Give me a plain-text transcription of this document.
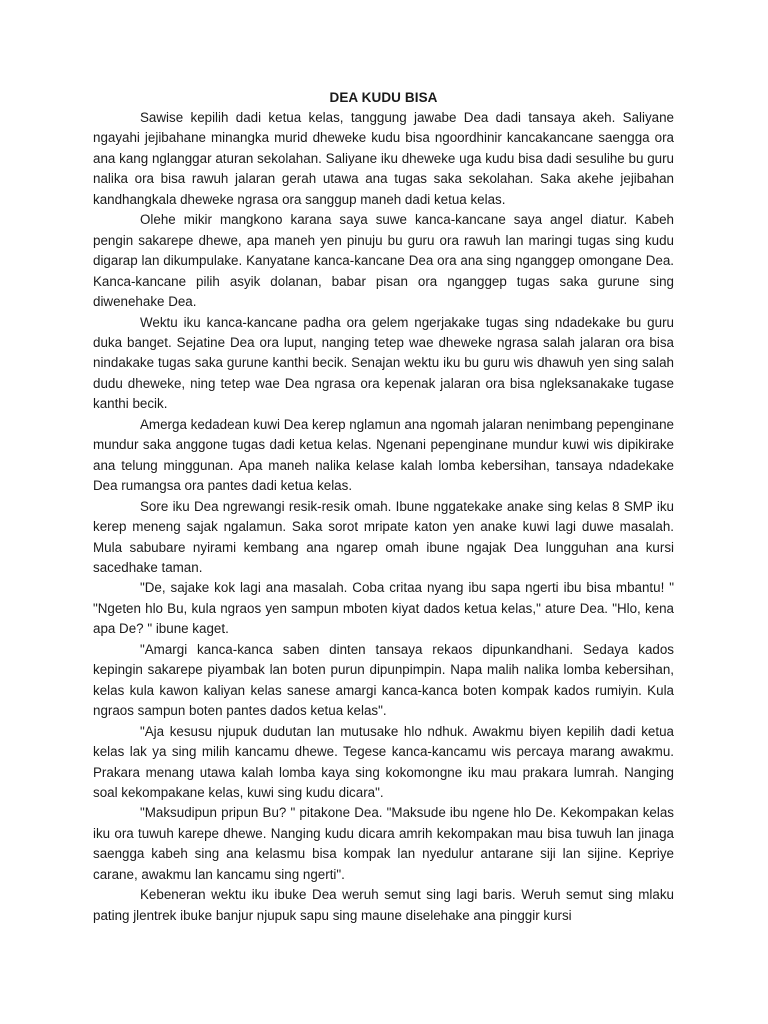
DEA KUDU BISA

Sawise kepilih dadi ketua kelas, tanggung jawabe Dea dadi tansaya akeh. Saliyane ngayahi jejibahane minangka murid dheweke kudu bisa ngoordhinir kancakancane saengga ora ana kang nglanggar aturan sekolahan. Saliyane iku dheweke uga kudu bisa dadi sesulihe bu guru nalika ora bisa rawuh jalaran gerah utawa ana tugas saka sekolahan. Saka akehe jejibahan kandhangkala dheweke ngrasa ora sanggup maneh dadi ketua kelas.

Olehe mikir mangkono karana saya suwe kanca-kancane saya angel diatur. Kabeh pengin sakarepe dhewe, apa maneh yen pinuju bu guru ora rawuh lan maringi tugas sing kudu digarap lan dikumpulake. Kanyatane kanca-kancane Dea ora ana sing nganggep omongane Dea. Kanca-kancane pilih asyik dolanan, babar pisan ora nganggep tugas saka gurune sing diwenehake Dea.

Wektu iku kanca-kancane padha ora gelem ngerjakake tugas sing ndadekake bu guru duka banget. Sejatine Dea ora luput, nanging tetep wae dheweke ngrasa salah jalaran ora bisa nindakake tugas saka gurune kanthi becik. Senajan wektu iku bu guru wis dhawuh yen sing salah dudu dheweke, ning tetep wae Dea ngrasa ora kepenak jalaran ora bisa ngleksanakake tugase kanthi becik.

Amerga kedadean kuwi Dea kerep nglamun ana ngomah jalaran nenimbang pepenginane mundur saka anggone tugas dadi ketua kelas. Ngenani pepenginane mundur kuwi wis dipikirake ana telung minggunan. Apa maneh nalika kelase kalah lomba kebersihan, tansaya ndadekake Dea rumangsa ora pantes dadi ketua kelas.

Sore iku Dea ngrewangi resik-resik omah. Ibune nggatekake anake sing kelas 8 SMP iku kerep meneng sajak ngalamun. Saka sorot mripate katon yen anake kuwi lagi duwe masalah. Mula sabubare nyirami kembang ana ngarep omah ibune ngajak Dea lungguhan ana kursi sacedhake taman.

"De, sajake kok lagi ana masalah. Coba critaa nyang ibu sapa ngerti ibu bisa mbantu! " "Ngeten hlo Bu, kula ngraos yen sampun mboten kiyat dados ketua kelas," ature Dea. "Hlo, kena apa De? " ibune kaget.

"Amargi kanca-kanca saben dinten tansaya rekaos dipunkandhani. Sedaya kados kepingin sakarepe piyambak lan boten purun dipunpimpin. Napa malih nalika lomba kebersihan, kelas kula kawon kaliyan kelas sanese amargi kanca-kanca boten kompak kados rumiyin. Kula ngraos sampun boten pantes dados ketua kelas".

"Aja kesusu njupuk dudutan lan mutusake hlo ndhuk. Awakmu biyen kepilih dadi ketua kelas lak ya sing milih kancamu dhewe. Tegese kanca-kancamu wis percaya marang awakmu. Prakara menang utawa kalah lomba kaya sing kokomongne iku mau prakara lumrah. Nanging soal kekompakane kelas, kuwi sing kudu dicara".

"Maksudipun pripun Bu? " pitakone Dea. "Maksude ibu ngene hlo De. Kekompakan kelas iku ora tuwuh karepe dhewe. Nanging kudu dicara amrih kekompakan mau bisa tuwuh lan jinaga saengga kabeh sing ana kelasmu bisa kompak lan nyedulur antarane siji lan sijine. Kepriye carane, awakmu lan kancamu sing ngerti".

Kebeneran wektu iku ibuke Dea weruh semut sing lagi baris. Weruh semut sing mlaku pating jlentrek ibuke banjur njupuk sapu sing maune diselehake ana pinggir kursi
